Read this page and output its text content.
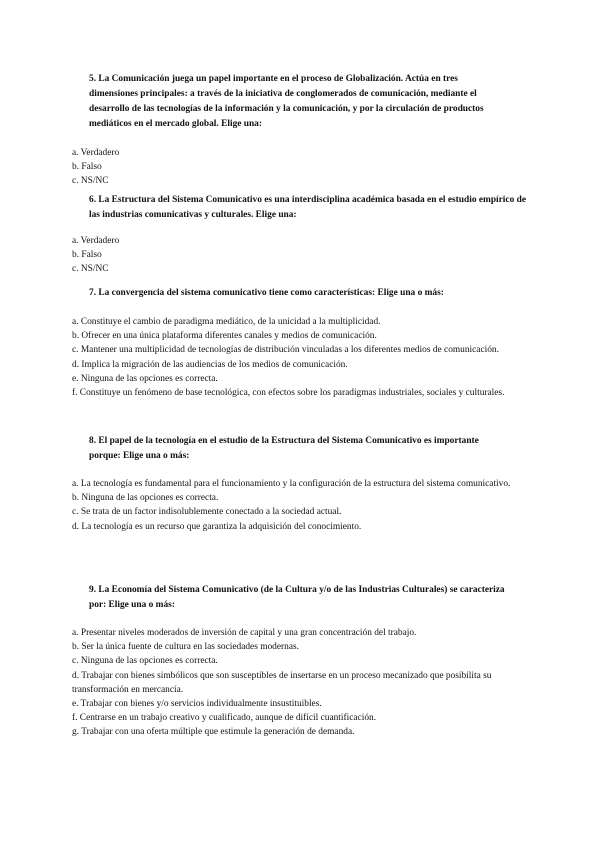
5. La Comunicación juega un papel importante en el proceso de Globalización. Actúa en tres dimensiones principales: a través de la iniciativa de conglomerados de comunicación, mediante el desarrollo de las tecnologías de la información y la comunicación, y por la circulación de productos mediáticos en el mercado global. Elige una:

a. Verdadero
b. Falso
c. NS/NC

6. La Estructura del Sistema Comunicativo es una interdisciplina académica basada en el estudio empírico de las industrias comunicativas y culturales. Elige una:

a. Verdadero
b. Falso
c. NS/NC

7. La convergencia del sistema comunicativo tiene como características: Elige una o más:

a. Constituye el cambio de paradigma mediático, de la unicidad a la multiplicidad.
b. Ofrecer en una única plataforma diferentes canales y medios de comunicación.
c. Mantener una multiplicidad de tecnologías de distribución vinculadas a los diferentes medios de comunicación.
d. Implica la migración de las audiencias de los medios de comunicación.
e. Ninguna de las opciones es correcta.
f. Constituye un fenómeno de base tecnológica, con efectos sobre los paradigmas industriales, sociales y culturales.

8. El papel de la tecnología en el estudio de la Estructura del Sistema Comunicativo es importante porque: Elige una o más:

a. La tecnología es fundamental para el funcionamiento y la configuración de la estructura del sistema comunicativo.
b. Ninguna de las opciones es correcta.
c. Se trata de un factor indisolublemente conectado a la sociedad actual.
d. La tecnología es un recurso que garantiza la adquisición del conocimiento.

9. La Economía del Sistema Comunicativo (de la Cultura y/o de las Industrias Culturales) se caracteriza por: Elige una o más:

a. Presentar niveles moderados de inversión de capital y una gran concentración del trabajo.
b. Ser la única fuente de cultura en las sociedades modernas.
c. Ninguna de las opciones es correcta.
d. Trabajar con bienes simbólicos que son susceptibles de insertarse en un proceso mecanizado que posibilita su transformación en mercancía.
e. Trabajar con bienes y/o servicios individualmente insustituibles.
f. Centrarse en un trabajo creativo y cualificado, aunque de difícil cuantificación.
g. Trabajar con una oferta múltiple que estimule la generación de demanda.
